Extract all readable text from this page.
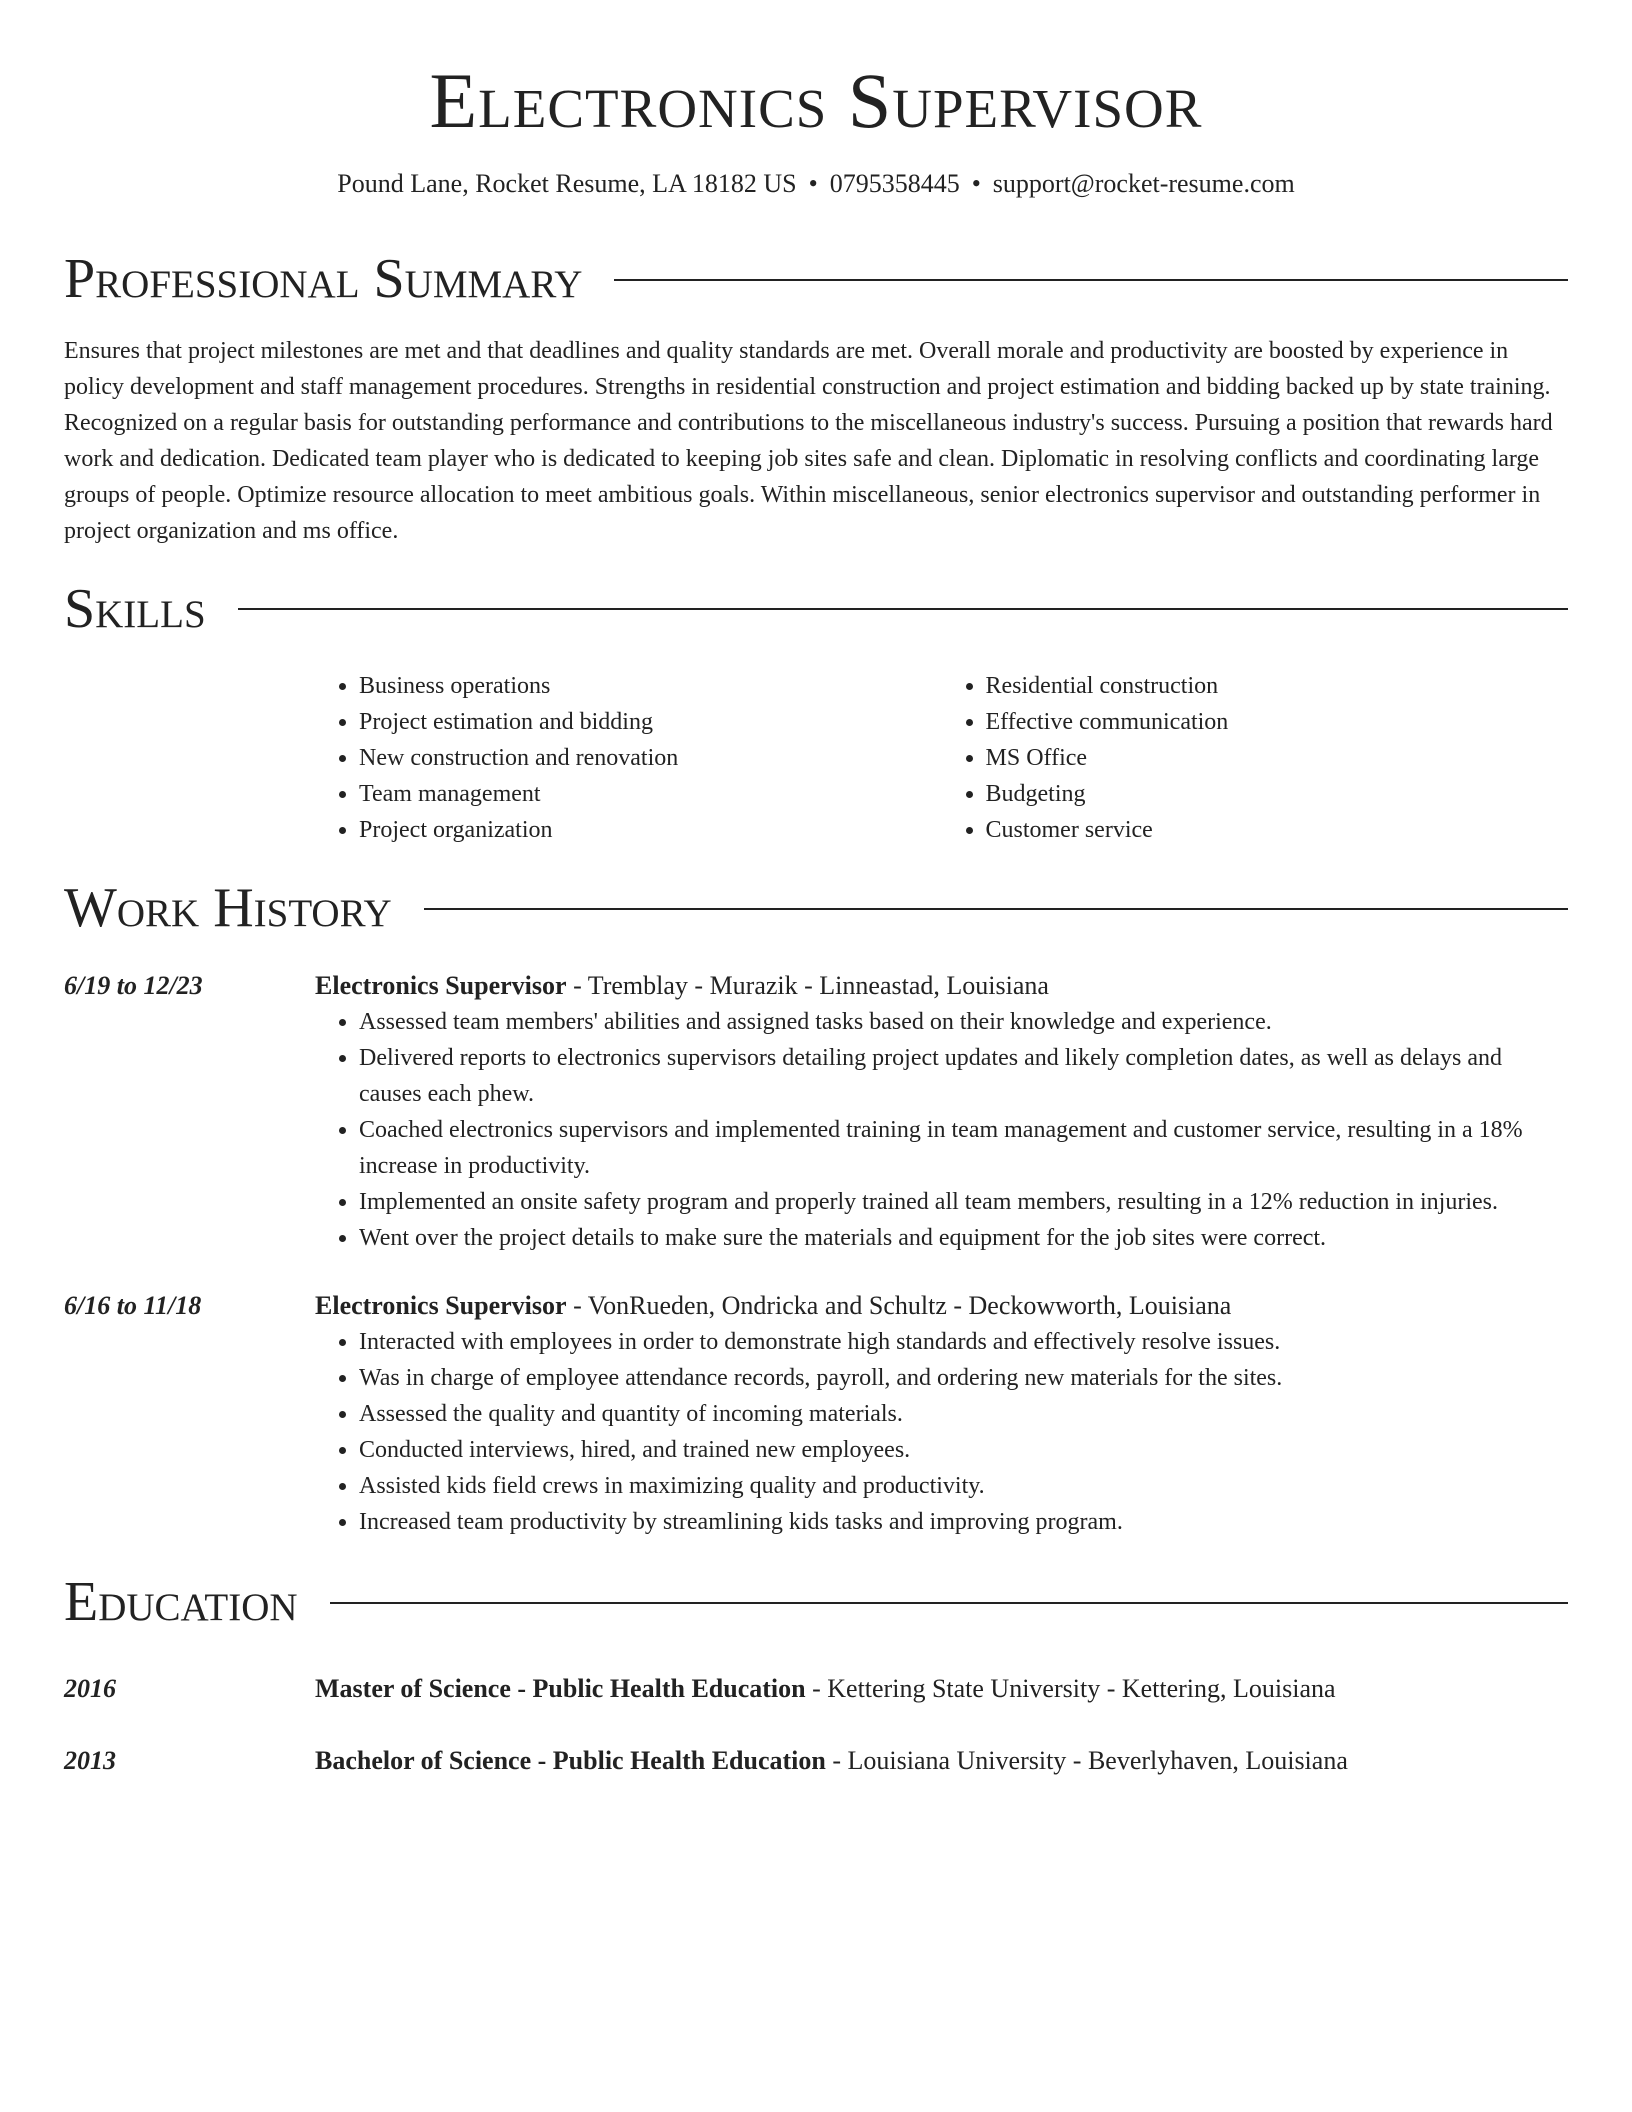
Electronics Supervisor
Pound Lane, Rocket Resume, LA 18182 US • 0795358445 • support@rocket-resume.com
Professional Summary

Ensures that project milestones are met and that deadlines and quality standards are met. Overall morale and productivity are boosted by experience in policy development and staff management procedures. Strengths in residential construction and project estimation and bidding backed up by state training. Recognized on a regular basis for outstanding performance and contributions to the miscellaneous industry's success. Pursuing a position that rewards hard work and dedication. Dedicated team player who is dedicated to keeping job sites safe and clean. Diplomatic in resolving conflicts and coordinating large groups of people. Optimize resource allocation to meet ambitious goals. Within miscellaneous, senior electronics supervisor and outstanding performer in project organization and ms office.

Skills
• Business operations
• Project estimation and bidding
• New construction and renovation
• Team management
• Project organization
• Residential construction
• Effective communication
• MS Office
• Budgeting
• Customer service
Work History
6/19 to 12/23	Electronics Supervisor - Tremblay - Murazik - Linneastad, Louisiana
• Assessed team members' abilities and assigned tasks based on their knowledge and experience.
• Delivered reports to electronics supervisors detailing project updates and likely completion dates, as well as delays and causes each phew.
• Coached electronics supervisors and implemented training in team management and customer service, resulting in a 18% increase in productivity.
• Implemented an onsite safety program and properly trained all team members, resulting in a 12% reduction in injuries.
• Went over the project details to make sure the materials and equipment for the job sites were correct.
6/16 to 11/18	Electronics Supervisor - VonRueden, Ondricka and Schultz - Deckowworth, Louisiana
• Interacted with employees in order to demonstrate high standards and effectively resolve issues.
• Was in charge of employee attendance records, payroll, and ordering new materials for the sites.
• Assessed the quality and quantity of incoming materials.
• Conducted interviews, hired, and trained new employees.
• Assisted kids field crews in maximizing quality and productivity.
• Increased team productivity by streamlining kids tasks and improving program.
Education
2016	Master of Science - Public Health Education - Kettering State University - Kettering, Louisiana
2013	Bachelor of Science - Public Health Education - Louisiana University - Beverlyhaven, Louisiana
